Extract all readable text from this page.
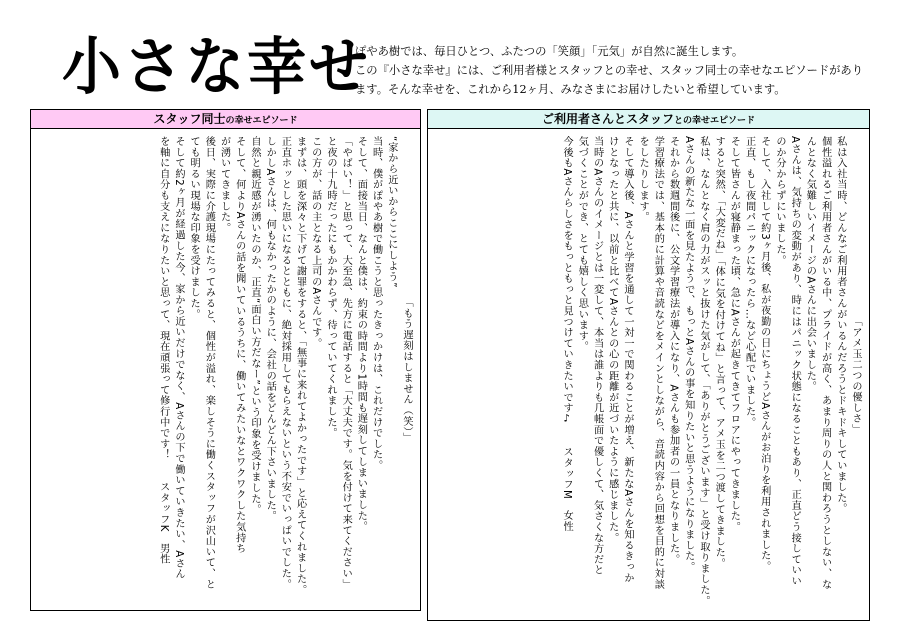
小さな幸せ

ぽやあ樹では、毎日ひとつ、ふたつの「笑顔」「元気」が自然に誕生します。

この『小さな幸せ』には、ご利用者様とスタッフとの幸せ、スタッフ同士の幸せなエピソードがあり

ます。そんな幸せを、これから12ヶ月、みなさまにお届けしたいと希望しています。

スタッフ同士の幸せエピソード

「もう遅刻はしません（笑）」

“家から近いからここにしよう”

当時、僕がぽやあ樹で働こうと思ったきっかけは、これだけでした。

そして、面接当日、なんと僕は、約束の時間より1時間も遅刻してしまいました。

「やばい！」と思って、大至急、先方に電話すると「大丈夫です。気を付けて来てください」

と夜の十九時だったにもかかわらず、待っていてくれました。

この方が、話の主となる上司のAさんです。

まずは、頭を深々と下げて謝罪をすると、「無事に来れてよかったです」と応えてくれました。

正直ホッとした思いになるとともに、絶対採用してもらえないという不安でいっぱいでした。

しかしAさんは、何もなかったかのように、会社の話をどんどん下さいました。

自然と親近感が湧いたのか、正直“面白い方だなー”という印象を受けました。

そして、何よりAさんの話を聞いているうちに、働いてみたいなとワクワクした気持ち

が湧いてきました。

後日、実際に介護現場にたってみると、個性が溢れ、楽しそうに働くスタッフが沢山いて、と

ても明るい現場な印象を受けました。

そして約2ヶ月が経過した今、家から近いだけでなく、Aさんの下で働いていきたい、Aさん

を軸に自分も支えになりたいと思って、現在頑張って修行中です！　　スタッフK　男性

ご利用者さんとスタッフとの幸せエピソード

「アメ玉二つの優しさ」

私は入社当時、どんなご利用者さんがいるんだろうとドキドキしていました。

個性溢れるご利用者さんがいる中、プライドが高く、あまり周りの人と関わろうとしない、な

んとなく気難しいイメージのAさんに出会いました。

Aさんは、気持ちの変動があり、時にはパニック状態になることもあり、正直どう接していい

のか分からずにいました。

そして、入社して約3ヶ月後、私が夜勤の日にちょうどAさんがお泊りを利用されました。

正直、もし夜間パニックになったら…など心配でいました。

そして皆さんが寝静まった頃、急にAさんが起きてきてフロアにやってきました。

すると突然、「大変だね」「体に気を付けてね」と言って、アメ玉を二つ渡してきました。

私は、なんとなく肩の力がスッと抜けた気がして、「ありがとうございます」と受け取りました。

Aさんの新たな一面を見たようで、もっとAさんの事を知りたいと思うようになりました。

それから数週間後に、公文学習療法が導入になり、Aさんも参加者の一員となりました。

学習療法では、基本的に計算や音読などをメインとしながら、音読内容から回想を目的に対談

をしたりします。

そして導入後、Aさんと学習を通して一対一で関わることが増え、新たなAさんを知るきっか

けとなったと共に、以前と比べてAさんとの心の距離が近づいたように感じました。

当時のAさんのイメージとは一変して、本当は誰よりも几帳面で優しくて、気さくな方だと

気づくことができ、とても嬉しく思います。

今後もAさんらしさをもっともっと見つけていきたいです♪　　スタッフM　女性
